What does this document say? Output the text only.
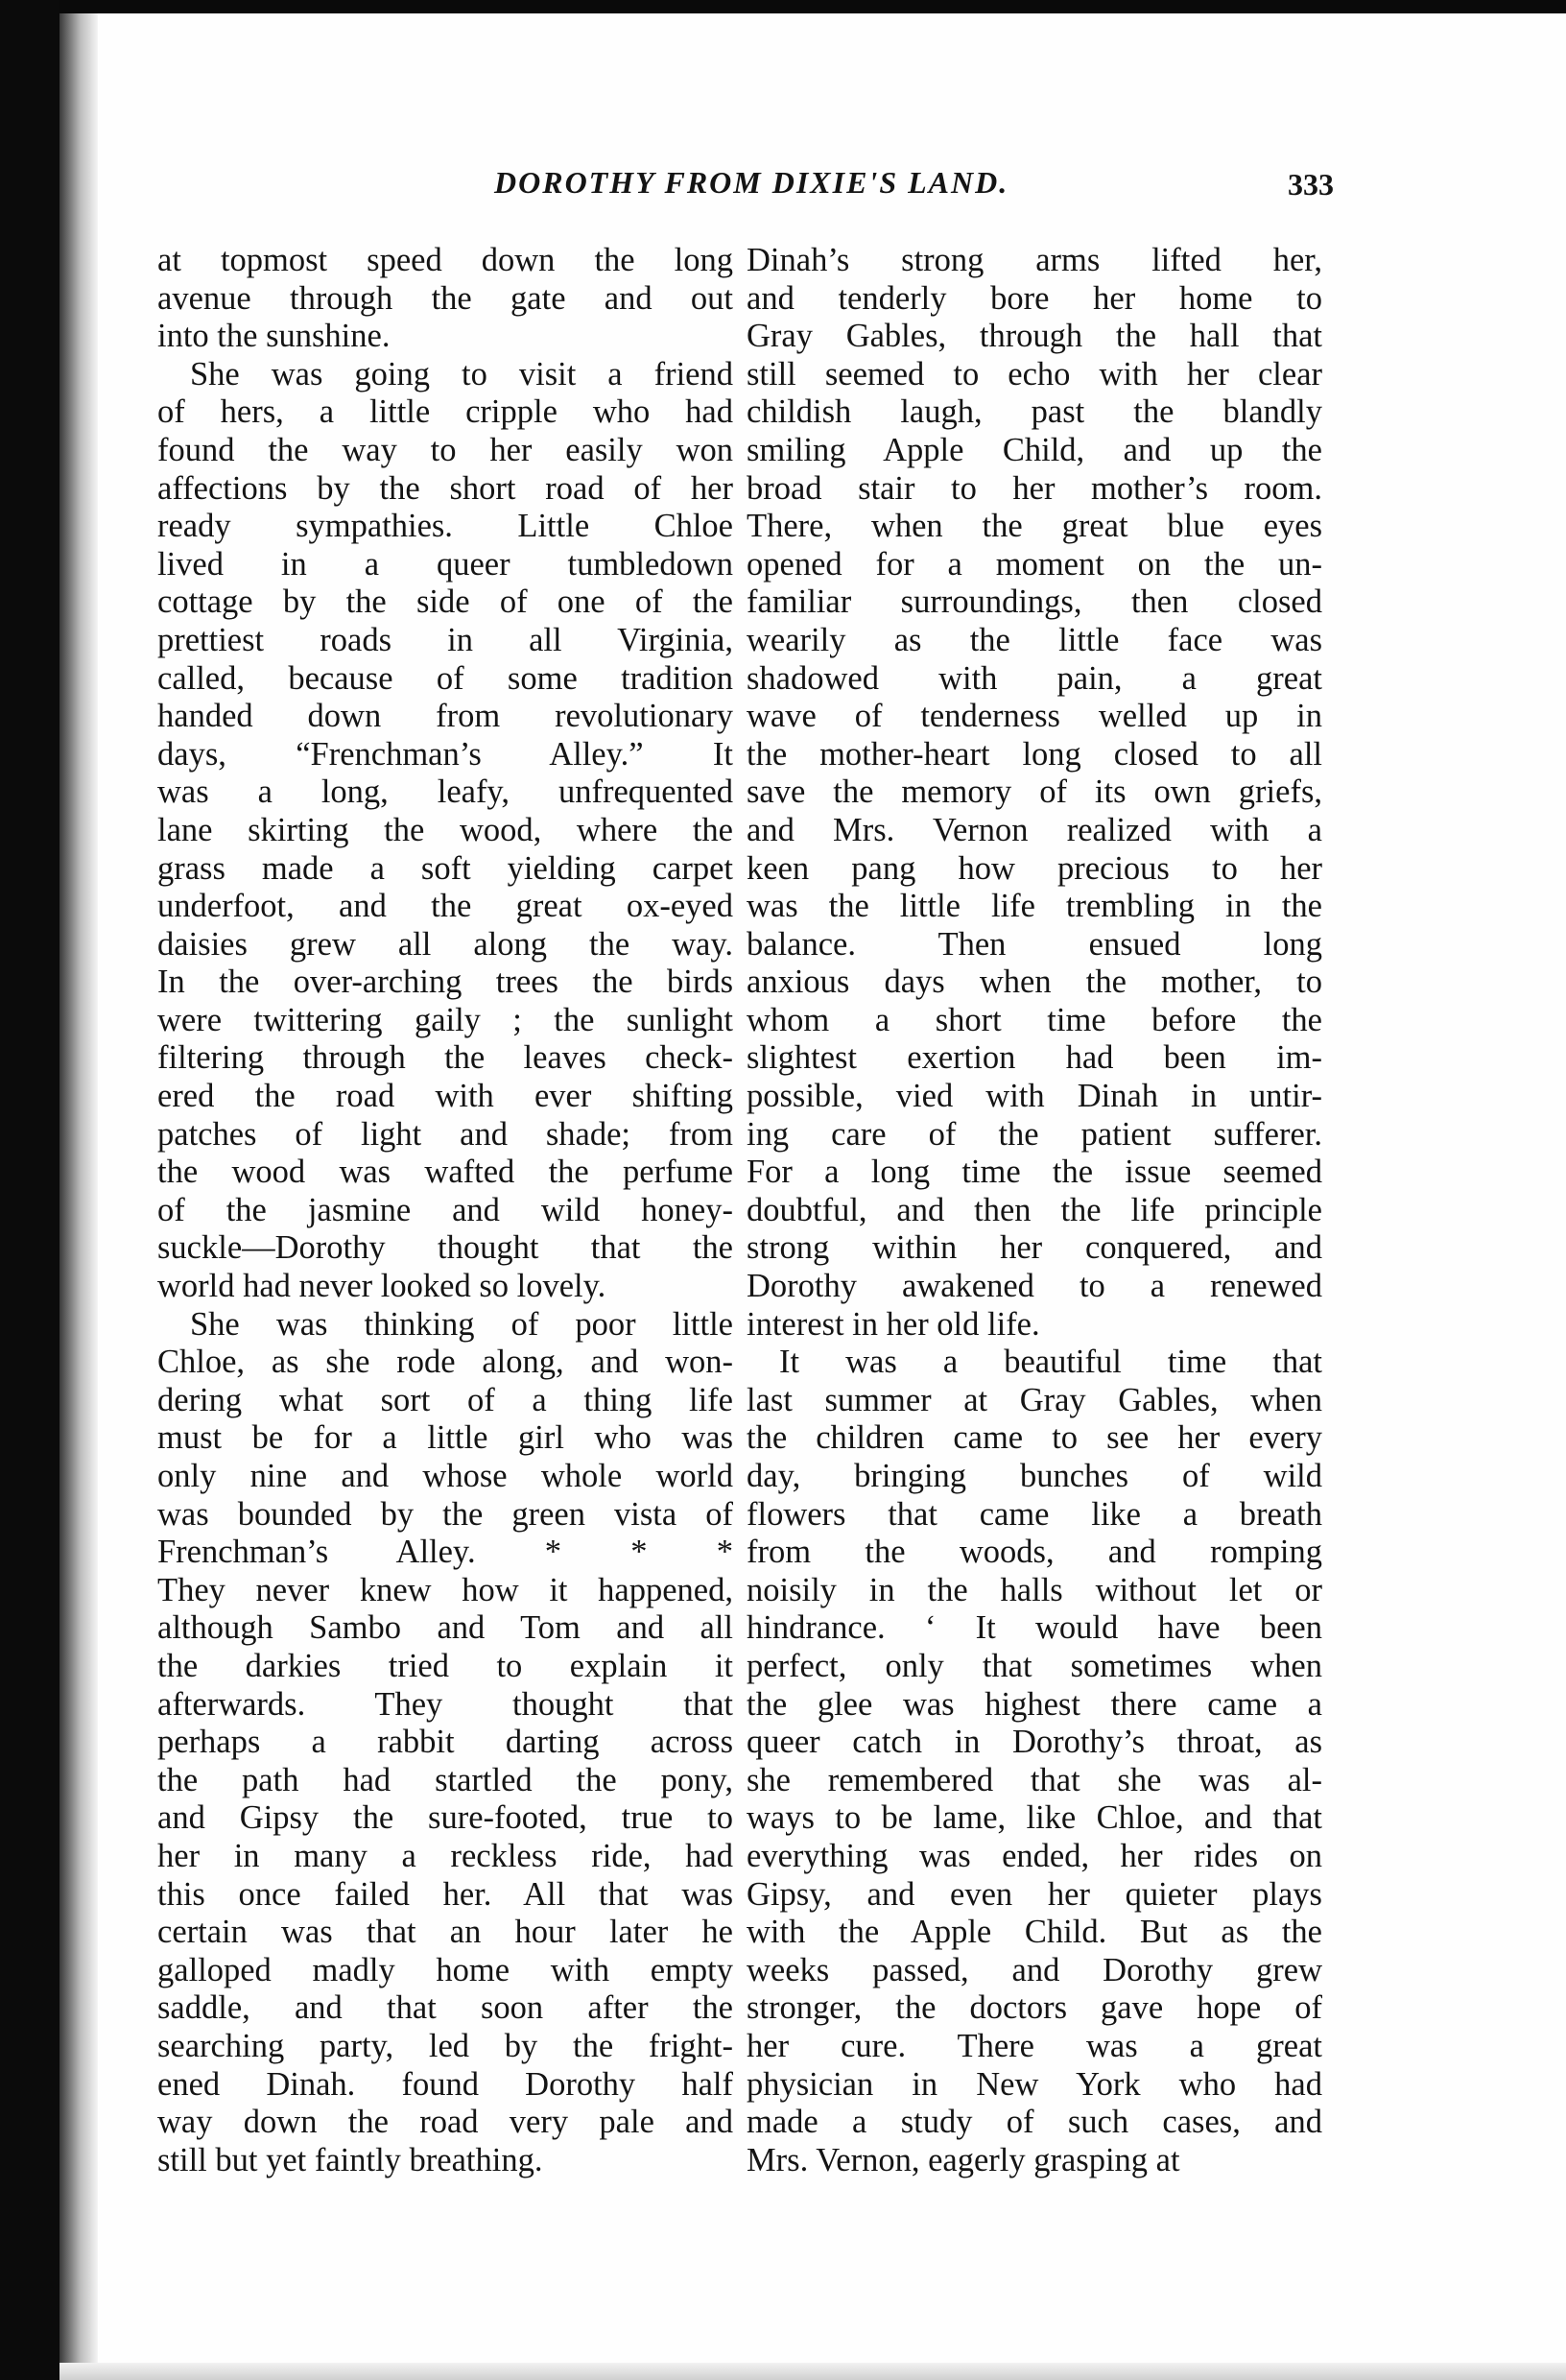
DOROTHY FROM DIXIE'S LAND.	333
at topmost speed down the long
avenue through the gate and out
into the sunshine.
She was going to visit a friend
of hers, a little cripple who had
found the way to her easily won
affections by the short road of her
ready sympathies. Little Chloe
lived in a queer tumbledown
cottage by the side of one of the
prettiest roads in all Virginia,
called, because of some tradition
handed down from revolutionary
days, “Frenchman’s Alley.” It
was a long, leafy, unfrequented
lane skirting the wood, where the
grass made a soft yielding carpet
underfoot, and the great ox-eyed
daisies grew all along the way.
In the over-arching trees the birds
were twittering gaily ; the sunlight
filtering through the leaves check-
ered the road with ever shifting
patches of light and shade; from
the wood was wafted the perfume
of the jasmine and wild honey-
suckle—Dorothy thought that the
world had never looked so lovely.
She was thinking of poor little
Chloe, as she rode along, and won-
dering what sort of a thing life
must be for a little girl who was
only nine and whose whole world
was bounded by the green vista of
Frenchman’s Alley. * * *
They never knew how it happened,
although Sambo and Tom and all
the darkies tried to explain it
afterwards. They thought that
perhaps a rabbit darting across
the path had startled the pony,
and Gipsy the sure-footed, true to
her in many a reckless ride, had
this once failed her. All that was
certain was that an hour later he
galloped madly home with empty
saddle, and that soon after the
searching party, led by the fright-
ened Dinah. found Dorothy half
way down the road very pale and
still but yet faintly breathing.
Dinah’s strong arms lifted her,
and tenderly bore her home to
Gray Gables, through the hall that
still seemed to echo with her clear
childish laugh, past the blandly
smiling Apple Child, and up the
broad stair to her mother’s room.
There, when the great blue eyes
opened for a moment on the un-
familiar surroundings, then closed
wearily as the little face was
shadowed with pain, a great
wave of tenderness welled up in
the mother-heart long closed to all
save the memory of its own griefs,
and Mrs. Vernon realized with a
keen pang how precious to her
was the little life trembling in the
balance. Then ensued long
anxious days when the mother, to
whom a short time before the
slightest exertion had been im-
possible, vied with Dinah in untir-
ing care of the patient sufferer.
For a long time the issue seemed
doubtful, and then the life principle
strong within her conquered, and
Dorothy awakened to a renewed
interest in her old life.
It was a beautiful time that
last summer at Gray Gables, when
the children came to see her every
day, bringing bunches of wild
flowers that came like a breath
from the woods, and romping
noisily in the halls without let or
hindrance. ‘ It would have been
perfect, only that sometimes when
the glee was highest there came a
queer catch in Dorothy’s throat, as
she remembered that she was al-
ways to be lame, like Chloe, and that
everything was ended, her rides on
Gipsy, and even her quieter plays
with the Apple Child. But as the
weeks passed, and Dorothy grew
stronger, the doctors gave hope of
her cure. There was a great
physician in New York who had
made a study of such cases, and
Mrs. Vernon, eagerly grasping at
